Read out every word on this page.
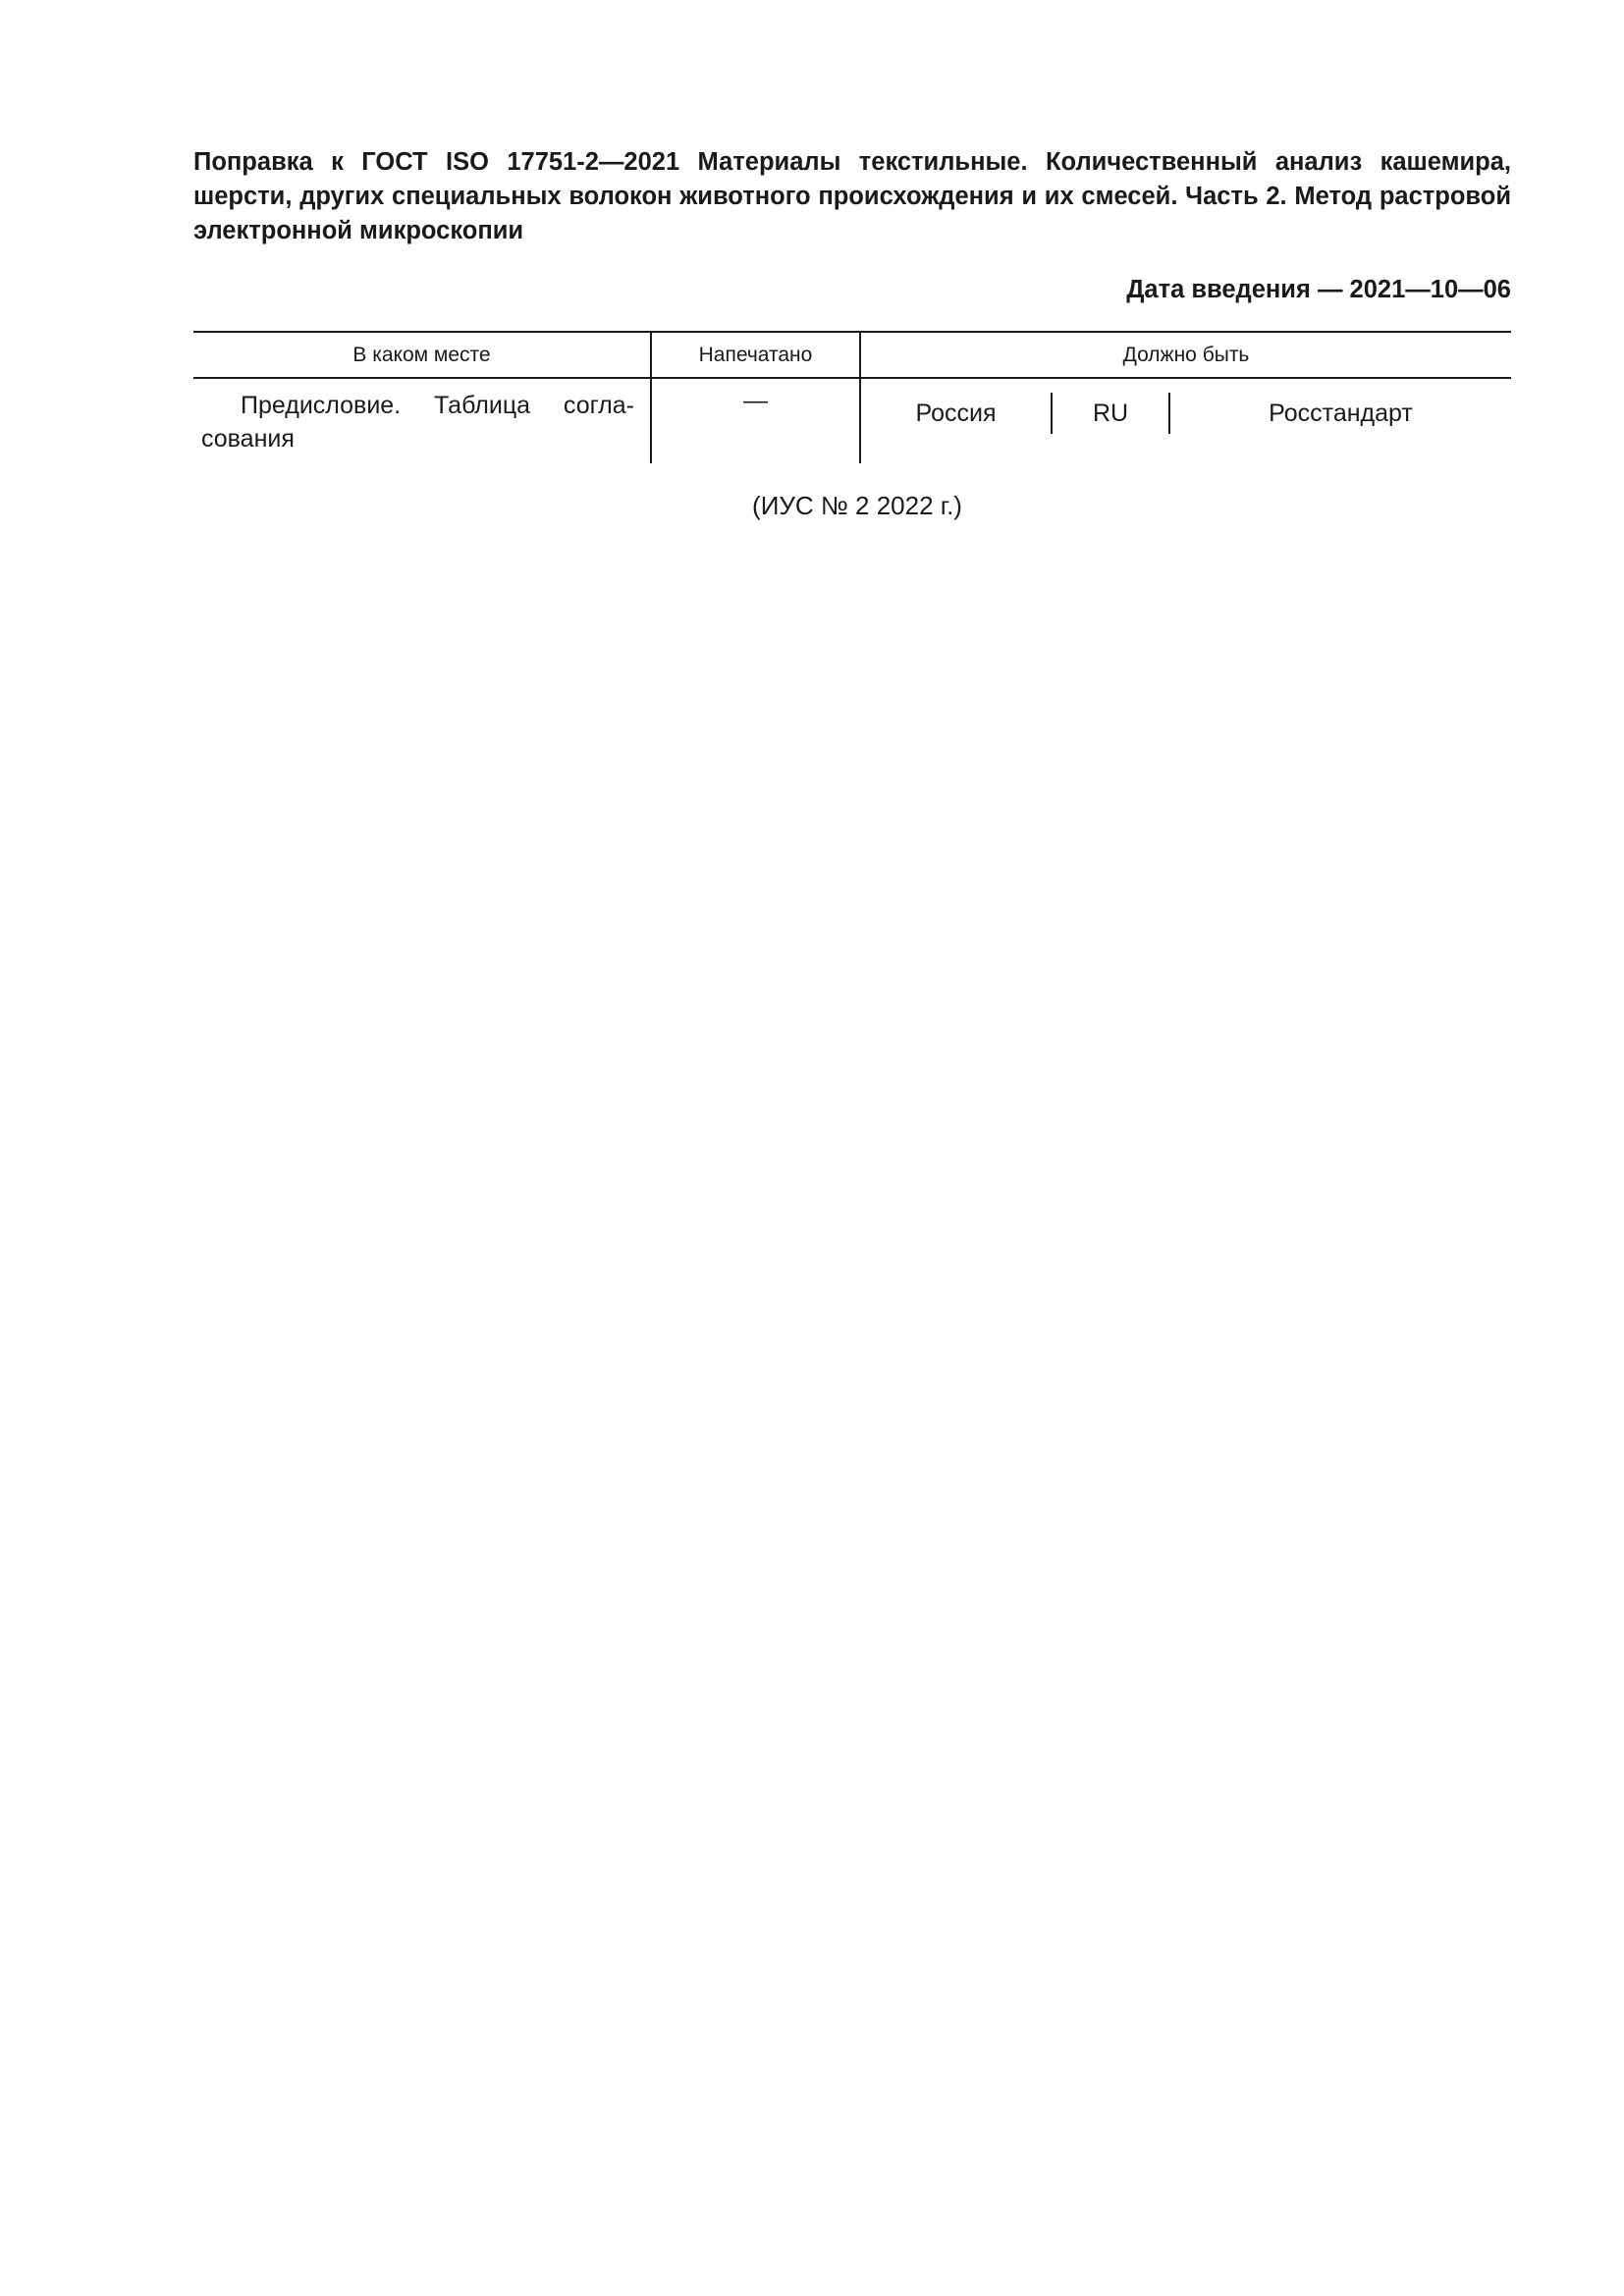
Поправка к ГОСТ ISO 17751-2—2021 Материалы текстильные. Количественный анализ кашемира, шерсти, других специальных волокон животного происхождения и их смесей. Часть 2. Метод растровой электронной микроскопии

Дата введения — 2021—10—06
В каком месте	Напечатано	Должно быть
Предисловие. Таблица согла-сования	—	Россия RU Росстандарт
(ИУС № 2 2022 г.)
